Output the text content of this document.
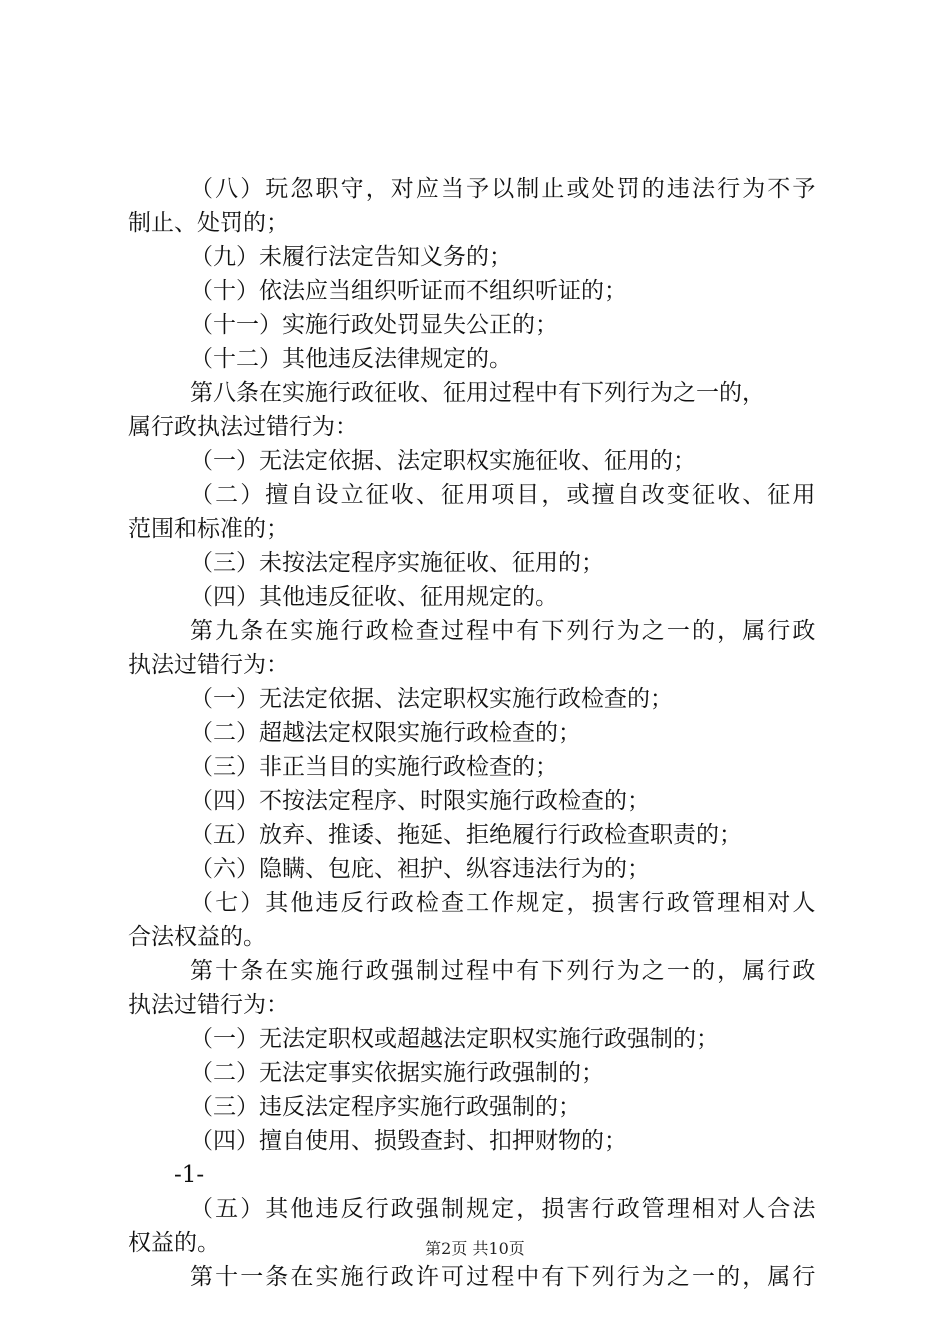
（八）玩忽职守，对应当予以制止或处罚的违法行为不予
制止、处罚的；
（九）未履行法定告知义务的；
（十）依法应当组织听证而不组织听证的；
（十一）实施行政处罚显失公正的；
（十二）其他违反法律规定的。
第八条在实施行政征收、征用过程中有下列行为之一的，
属行政执法过错行为：
（一）无法定依据、法定职权实施征收、征用的；
（二）擅自设立征收、征用项目，或擅自改变征收、征用
范围和标准的；
（三）未按法定程序实施征收、征用的；
（四）其他违反征收、征用规定的。
第九条在实施行政检查过程中有下列行为之一的，属行政
执法过错行为：
（一）无法定依据、法定职权实施行政检查的；
（二）超越法定权限实施行政检查的；
（三）非正当目的实施行政检查的；
（四）不按法定程序、时限实施行政检查的；
（五）放弃、推诿、拖延、拒绝履行行政检查职责的；
（六）隐瞒、包庇、袒护、纵容违法行为的；
（七）其他违反行政检查工作规定，损害行政管理相对人
合法权益的。
第十条在实施行政强制过程中有下列行为之一的，属行政
执法过错行为：
（一）无法定职权或超越法定职权实施行政强制的；
（二）无法定事实依据实施行政强制的；
（三）违反法定程序实施行政强制的；
（四）擅自使用、损毁查封、扣押财物的；
-1-
（五）其他违反行政强制规定，损害行政管理相对人合法
权益的。
第十一条在实施行政许可过程中有下列行为之一的，属行
第2页 共10页
